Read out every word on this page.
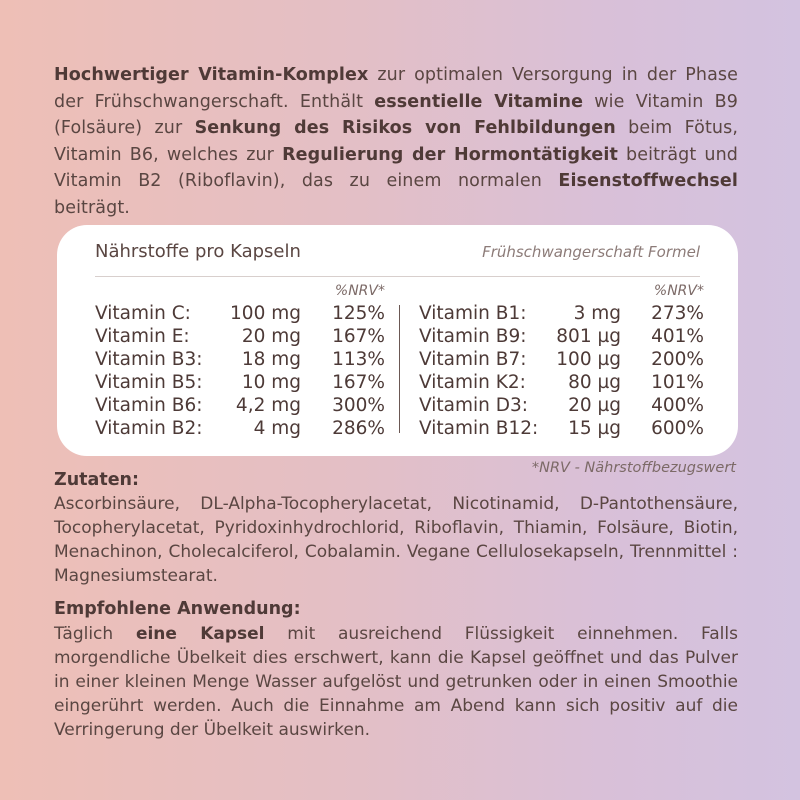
Hochwertiger Vitamin-Komplex zur optimalen Versorgung in der Phase der Frühschwangerschaft. Enthält essentielle Vitamine wie Vitamin B9 (Folsäure) zur Senkung des Risikos von Fehlbildungen beim Fötus, Vitamin B6, welches zur Regulierung der Hormontätigkeit beiträgt und Vitamin B2 (Riboflavin), das zu einem normalen Eisenstoffwechsel beiträgt.
Nährstoffe pro Kapseln	Frühschwangerschaft Formel
%NRV*
Vitamin C:	100 mg	125%
Vitamin E:	20 mg	167%
Vitamin B3:	18 mg	113%
Vitamin B5:	10 mg	167%
Vitamin B6:	4,2 mg	300%
Vitamin B2:	4 mg	286%
%NRV*
Vitamin B1:	3 mg	273%
Vitamin B9:	801 µg	401%
Vitamin B7:	100 µg	200%
Vitamin K2:	80 µg	101%
Vitamin D3:	20 µg	400%
Vitamin B12:	15 µg	600%
*NRV - Nährstoffbezugswert
Zutaten:
Ascorbinsäure, DL-Alpha-Tocopherylacetat, Nicotinamid, D-Pantothensäure, Tocopherylacetat, Pyridoxinhydrochlorid, Riboflavin, Thiamin, Folsäure, Biotin, Menachinon, Cholecalciferol, Cobalamin. Vegane Cellulosekapseln, Trennmittel : Magnesiumstearat.
Empfohlene Anwendung:
Täglich eine Kapsel mit ausreichend Flüssigkeit einnehmen. Falls morgendliche Übelkeit dies erschwert, kann die Kapsel geöffnet und das Pulver in einer kleinen Menge Wasser aufgelöst und getrunken oder in einen Smoothie eingerührt werden. Auch die Einnahme am Abend kann sich positiv auf die Verringerung der Übelkeit auswirken.
